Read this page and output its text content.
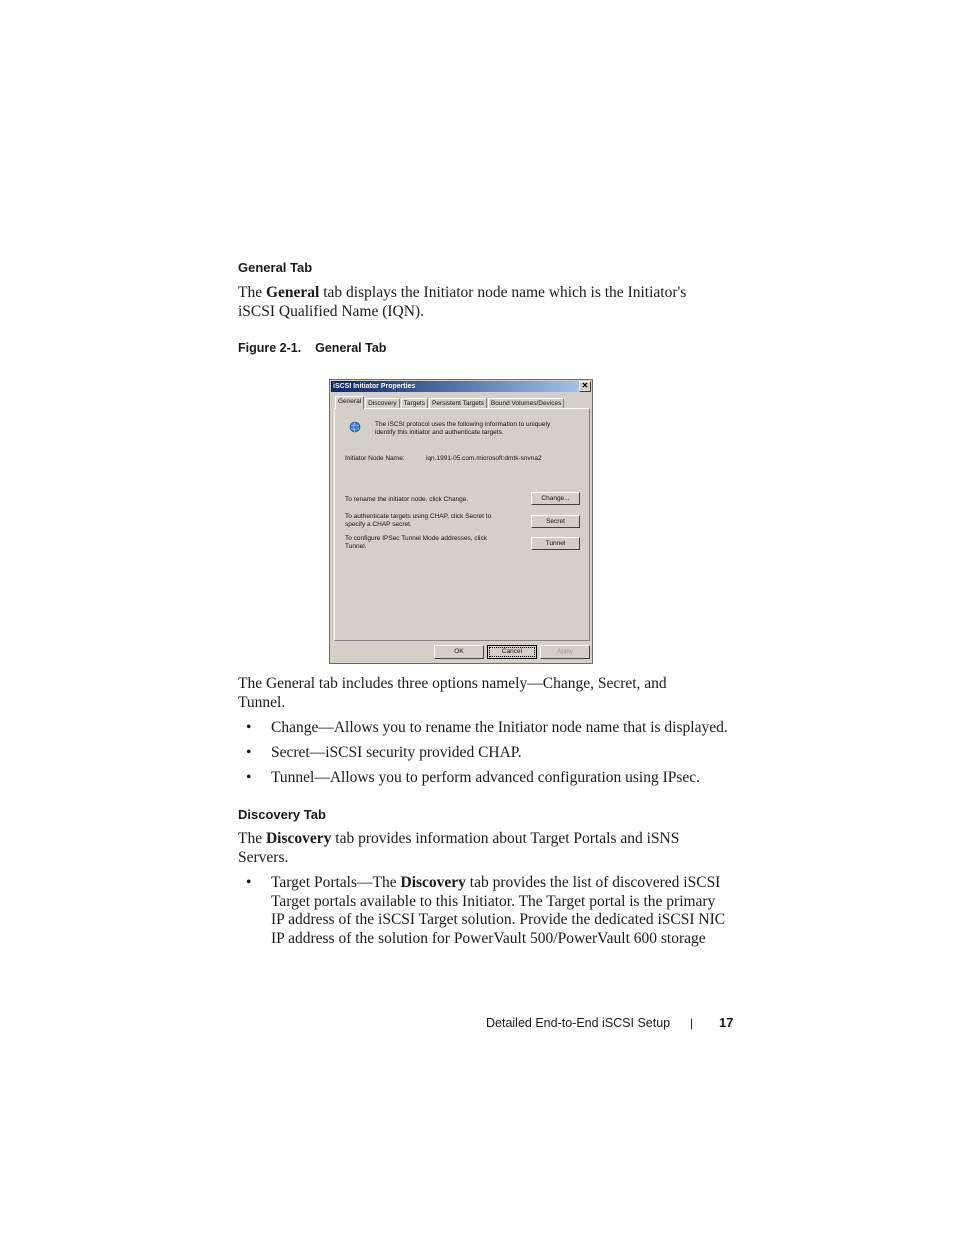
General Tab
The General tab displays the Initiator node name which is the Initiator's
iSCSI Qualified Name (IQN).
Figure 2-1.    General Tab
iSCSI Initiator Properties	✕
General	Discovery	Targets	Persistent Targets	Bound Volumes/Devices
The iSCSI protocol uses the following information to uniquely
identify this initiator and authenticate targets.
Initiator Node Name:	iqn.1991-05.com.microsoft:dmtk-snvna2
To rename the initiator node, click Change.	Change...
To authenticate targets using CHAP, click Secret to
specify a CHAP secret.	Secret
To configure IPSec Tunnel Mode addresses, click
Tunnel.	Tunnel
OK	Cancel	Apply
The General tab includes three options namely—Change, Secret, and
Tunnel.
• Change—Allows you to rename the Initiator node name that is displayed.
• Secret—iSCSI security provided CHAP.
• Tunnel—Allows you to perform advanced configuration using IPsec.
Discovery Tab
The Discovery tab provides information about Target Portals and iSNS
Servers.
• Target Portals—The Discovery tab provides the list of discovered iSCSI
Target portals available to this Initiator. The Target portal is the primary
IP address of the iSCSI Target solution. Provide the dedicated iSCSI NIC
IP address of the solution for PowerVault 500/PowerVault 600 storage
Detailed End-to-End iSCSI Setup | 17
